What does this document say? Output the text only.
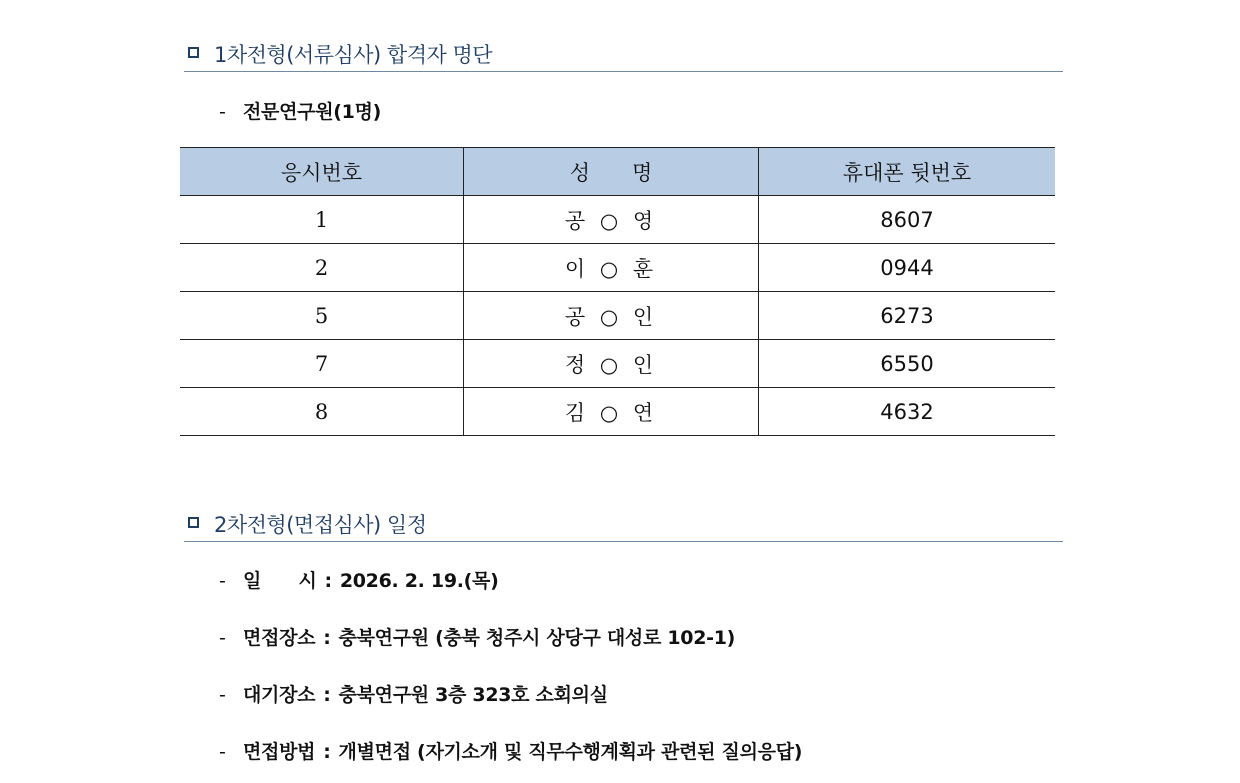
1차전형(서류심사) 합격자 명단
- 전문연구원(1명)
응시번호	성　　명	휴대폰 뒷번호
1	공 ○ 영	8607
2	이 ○ 훈	0944
5	공 ○ 인	6273
7	정 ○ 인	6550
8	김 ○ 연	4632
2차전형(면접심사) 일정
- 일　　시 : 2026. 2. 19.(목)
- 면접장소 : 충북연구원 (충북 청주시 상당구 대성로 102-1)
- 대기장소 : 충북연구원 3층 323호 소회의실
- 면접방법 : 개별면접 (자기소개 및 직무수행계획과 관련된 질의응답)
